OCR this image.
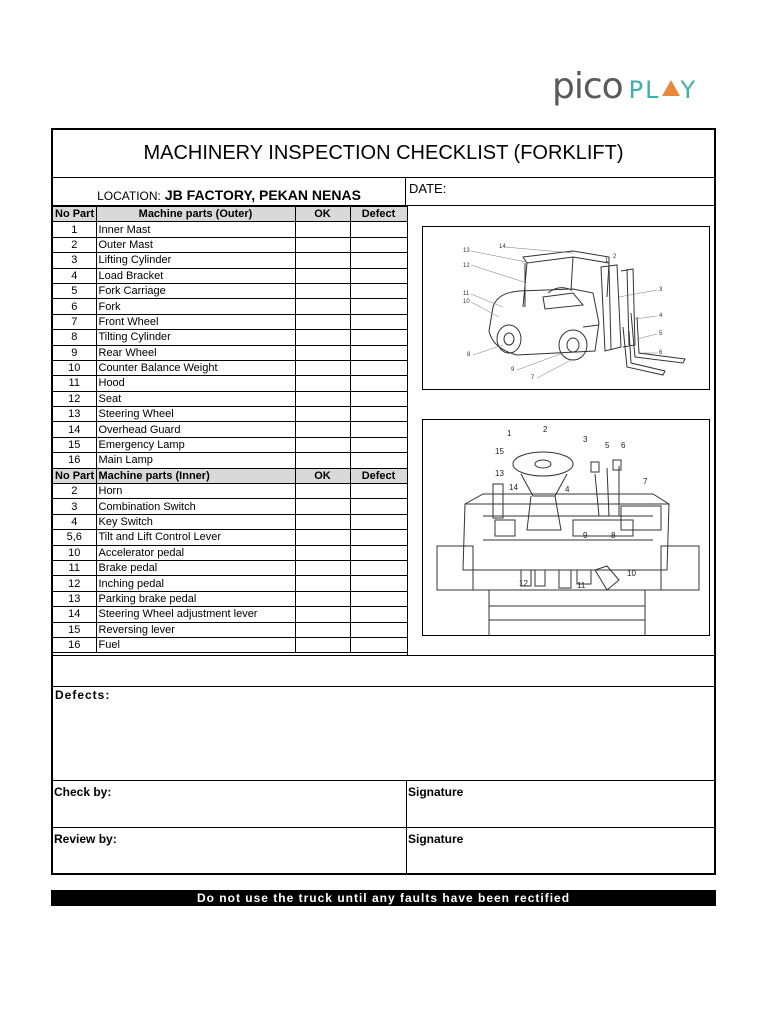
pico PL Y
MACHINERY INSPECTION CHECKLIST (FORKLIFT)
LOCATION: JB FACTORY, PEKAN NENAS	DATE:
No Part	Machine parts (Outer)	OK	Defect
1	Inner Mast		
2	Outer Mast		
3	Lifting Cylinder		
4	Load Bracket		
5	Fork Carriage		
6	Fork		
7	Front Wheel		
8	Tilting Cylinder		
9	Rear Wheel		
10	Counter Balance Weight		
11	Hood		
12	Seat		
13	Steering Wheel		
14	Overhead Guard		
15	Emergency Lamp		
16	Main Lamp		
No Part	Machine parts (Inner)	OK	Defect
2	Horn		
3	Combination Switch		
4	Key Switch		
5,6	Tilt and Lift Control Lever		
10	Accelerator pedal		
11	Brake pedal		
12	Inching pedal		
13	Parking brake pedal		
14	Steering Wheel adjustment lever		
15	Reversing lever		
16	Fuel		
13
14
12
2
1
11
10
3
4
5
8	6
9
7
1	2
3
5 6
15
13
14	4
7
9	8
12	11
10
Defects:
Check by:	Signature
Review by:	Signature
Do not use the truck until any faults have been rectified
